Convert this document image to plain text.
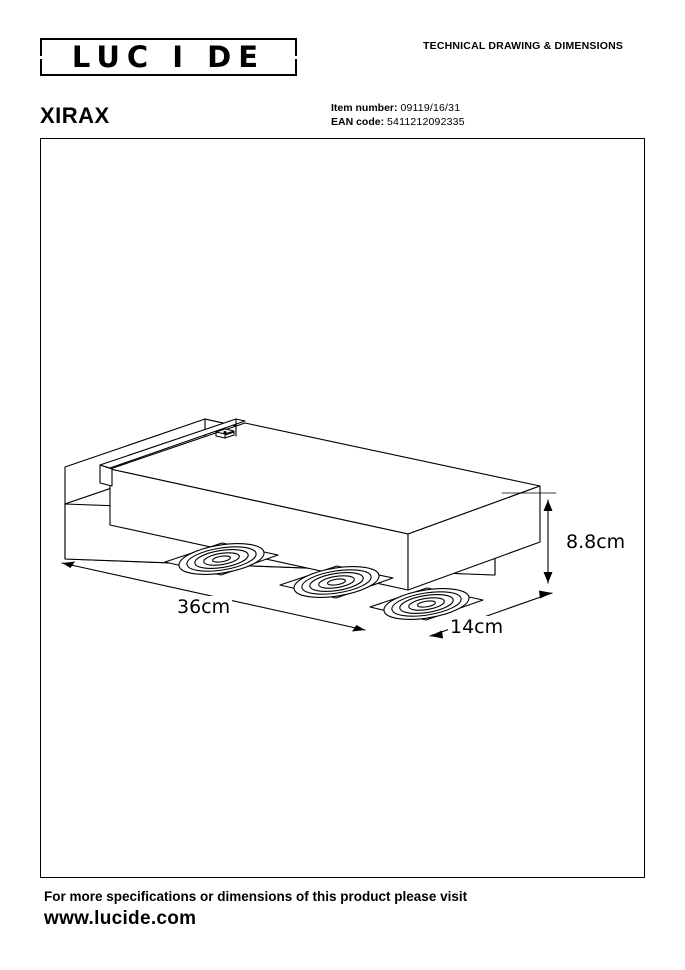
LUC I DE	TECHNICAL DRAWING & DIMENSIONS
XIRAX	Item number: 09119/16/31
EAN code: 5411212092335
36cm
14cm
8.8cm
For more specifications or dimensions of this product please visit
www.lucide.com
